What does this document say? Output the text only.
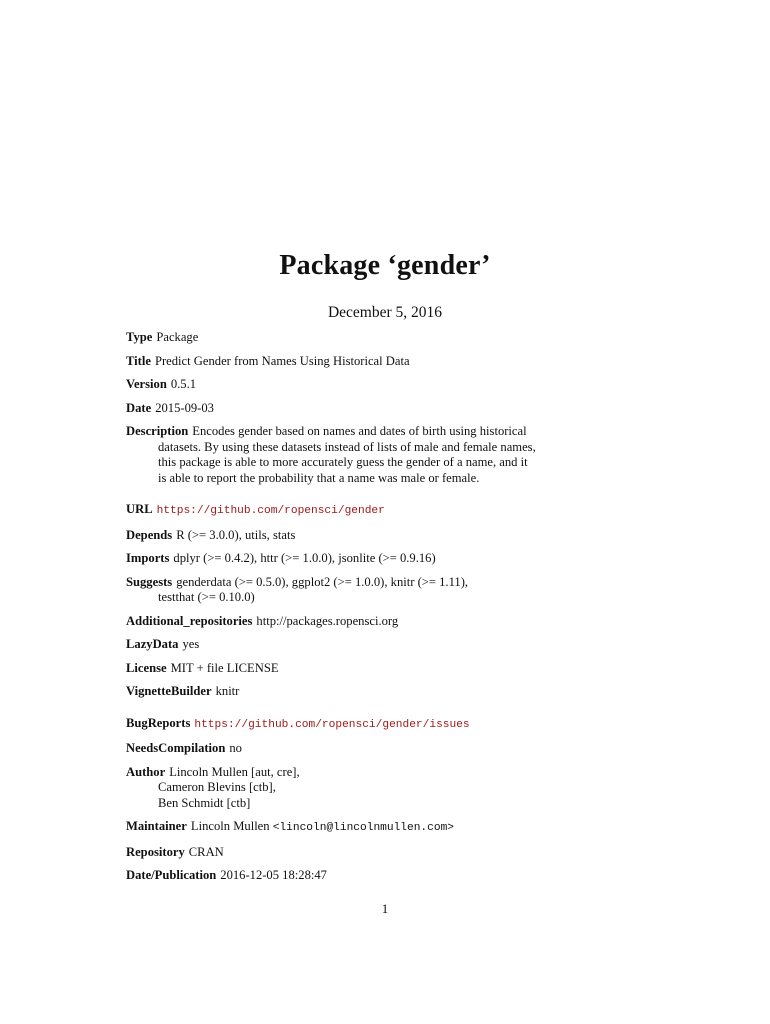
Package ‘gender’
December 5, 2016

Type Package

Title Predict Gender from Names Using Historical Data

Version 0.5.1

Date 2015-09-03

Description Encodes gender based on names and dates of birth using historical
datasets. By using these datasets instead of lists of male and female names,
this package is able to more accurately guess the gender of a name, and it
is able to report the probability that a name was male or female.

URL https://github.com/ropensci/gender

Depends R (>= 3.0.0), utils, stats

Imports dplyr (>= 0.4.2), httr (>= 1.0.0), jsonlite (>= 0.9.16)

Suggests genderdata (>= 0.5.0), ggplot2 (>= 1.0.0), knitr (>= 1.11),
testthat (>= 0.10.0)

Additional_repositories http://packages.ropensci.org

LazyData yes

License MIT + file LICENSE

VignetteBuilder knitr

BugReports https://github.com/ropensci/gender/issues

NeedsCompilation no

Author Lincoln Mullen [aut, cre],
Cameron Blevins [ctb],
Ben Schmidt [ctb]

Maintainer Lincoln Mullen <lincoln@lincolnmullen.com>

Repository CRAN

Date/Publication 2016-12-05 18:28:47

1
